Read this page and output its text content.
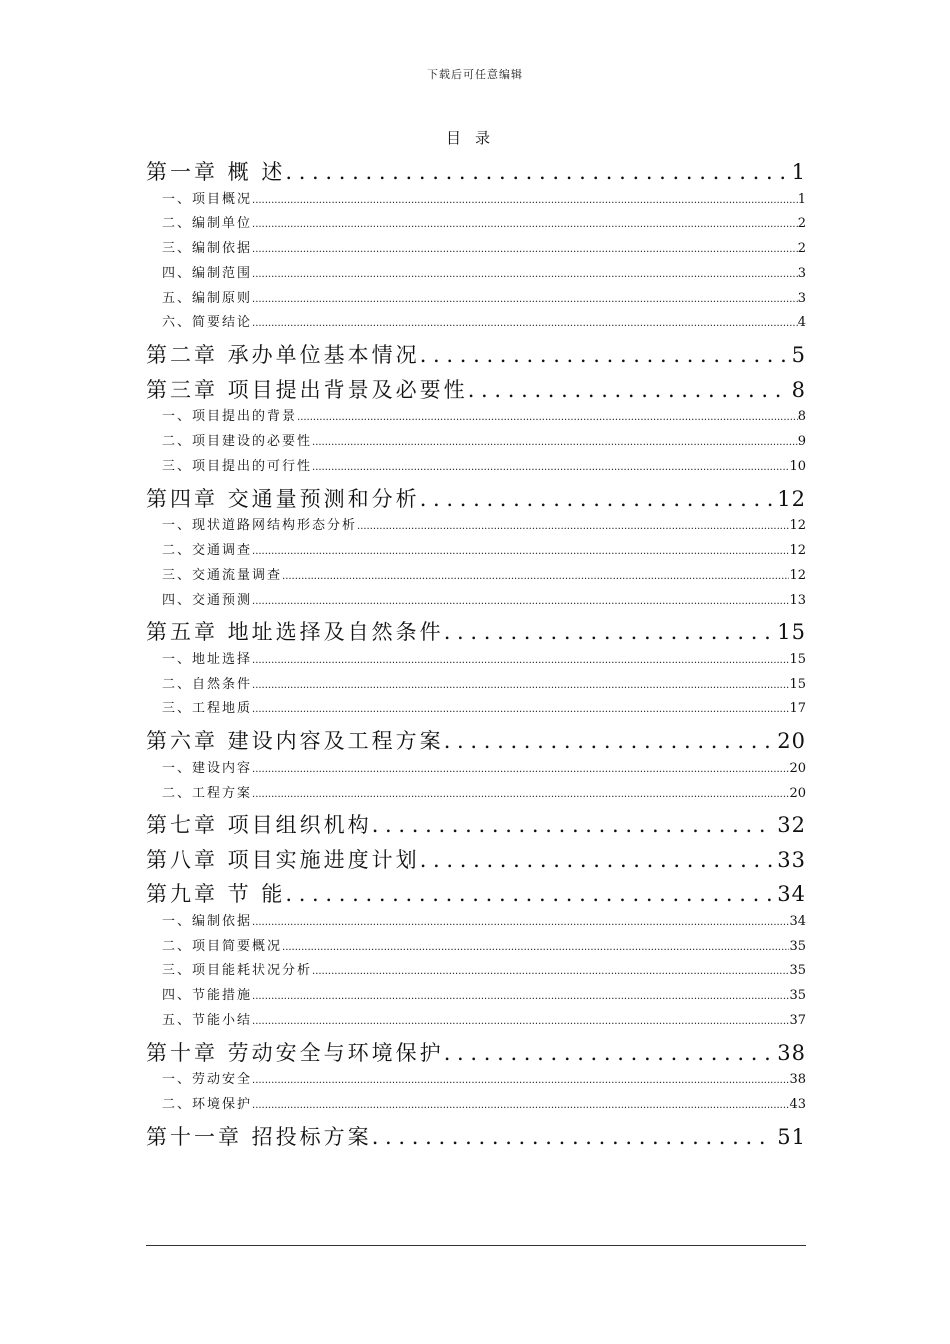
下载后可任意编辑
目录
第一章 概 述 . . .	1
一、项目概况 .....	1
二、编制单位 .....	2
三、编制依据 .....	2
四、编制范围 .....	3
五、编制原则 .....	3
六、简要结论 .....	4
第二章 承办单位基本情况 . . .	5
第三章 项目提出背景及必要性 . . .	8
一、项目提出的背景 .....	8
二、项目建设的必要性 .....	9
三、项目提出的可行性 .....	10
第四章 交通量预测和分析 . . .	12
一、现状道路网结构形态分析 .....	12
二、交通调查 .....	12
三、交通流量调查 .....	12
四、交通预测 .....	13
第五章 地址选择及自然条件 . . .	15
一、地址选择 .....	15
二、自然条件 .....	15
三、工程地质 .....	17
第六章 建设内容及工程方案 . . .	20
一、建设内容 .....	20
二、工程方案 .....	20
第七章 项目组织机构 . . .	32
第八章 项目实施进度计划 . . .	33
第九章 节 能 . . .	34
一、编制依据 .....	34
二、项目简要概况 .....	35
三、项目能耗状况分析 .....	35
四、节能措施 .....	35
五、节能小结 .....	37
第十章 劳动安全与环境保护 . . .	38
一、劳动安全 .....	38
二、环境保护 .....	43
第十一章 招投标方案 . . .	51
